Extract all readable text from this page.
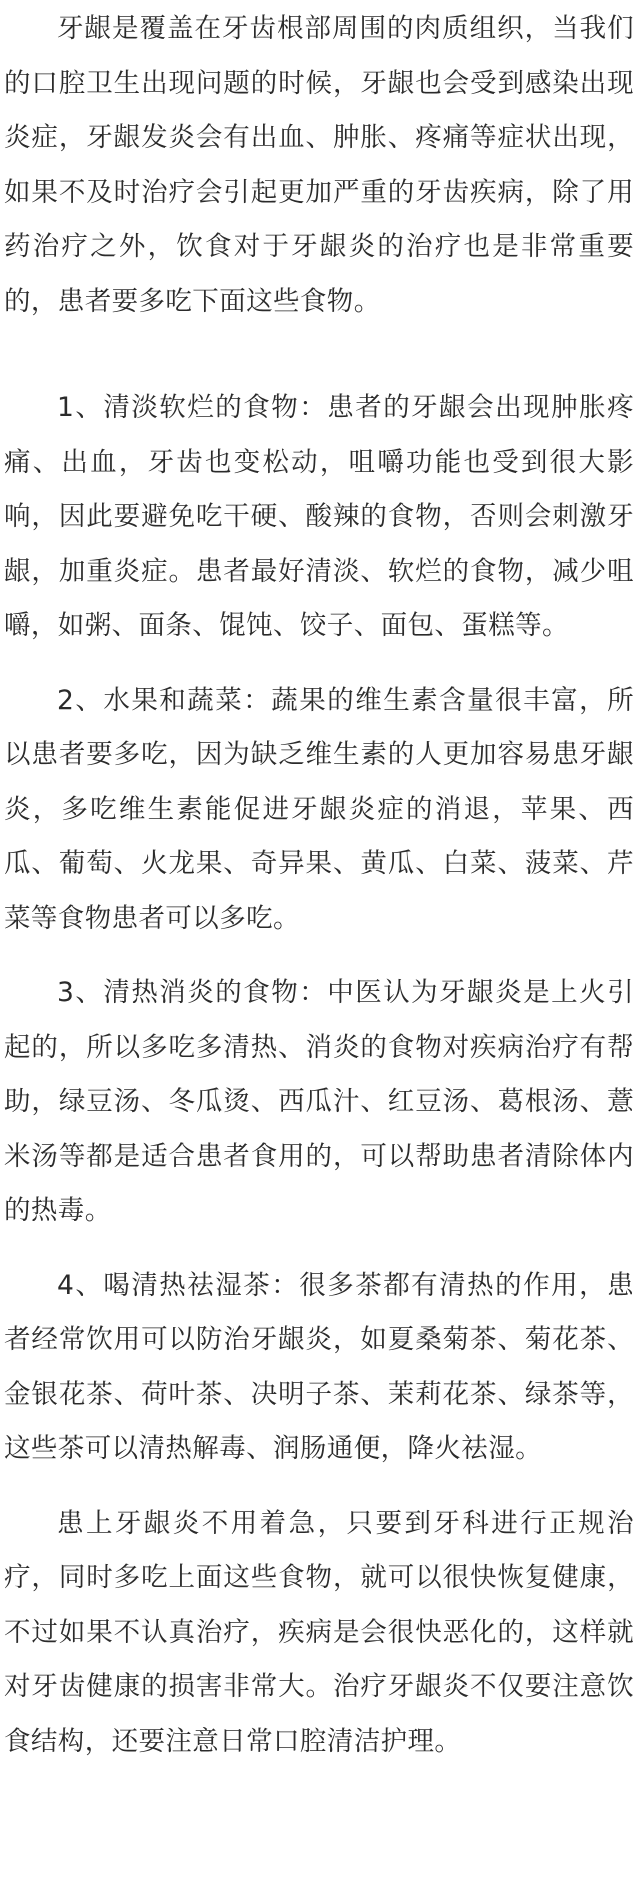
牙龈是覆盖在牙齿根部周围的肉质组织，当我们的口腔卫生出现问题的时候，牙龈也会受到感染出现炎症，牙龈发炎会有出血、肿胀、疼痛等症状出现，如果不及时治疗会引起更加严重的牙齿疾病，除了用药治疗之外，饮食对于牙龈炎的治疗也是非常重要的，患者要多吃下面这些食物。

1、清淡软烂的食物：患者的牙龈会出现肿胀疼痛、出血，牙齿也变松动，咀嚼功能也受到很大影响，因此要避免吃干硬、酸辣的食物，否则会刺激牙龈，加重炎症。患者最好清淡、软烂的食物，减少咀嚼，如粥、面条、馄饨、饺子、面包、蛋糕等。

2、水果和蔬菜：蔬果的维生素含量很丰富，所以患者要多吃，因为缺乏维生素的人更加容易患牙龈炎，多吃维生素能促进牙龈炎症的消退，苹果、西瓜、葡萄、火龙果、奇异果、黄瓜、白菜、菠菜、芹菜等食物患者可以多吃。

3、清热消炎的食物：中医认为牙龈炎是上火引起的，所以多吃多清热、消炎的食物对疾病治疗有帮助，绿豆汤、冬瓜烫、西瓜汁、红豆汤、葛根汤、薏米汤等都是适合患者食用的，可以帮助患者清除体内的热毒。

4、喝清热祛湿茶：很多茶都有清热的作用，患者经常饮用可以防治牙龈炎，如夏桑菊茶、菊花茶、金银花茶、荷叶茶、决明子茶、茉莉花茶、绿茶等，这些茶可以清热解毒、润肠通便，降火祛湿。

患上牙龈炎不用着急，只要到牙科进行正规治疗，同时多吃上面这些食物，就可以很快恢复健康，不过如果不认真治疗，疾病是会很快恶化的，这样就对牙齿健康的损害非常大。治疗牙龈炎不仅要注意饮食结构，还要注意日常口腔清洁护理。
